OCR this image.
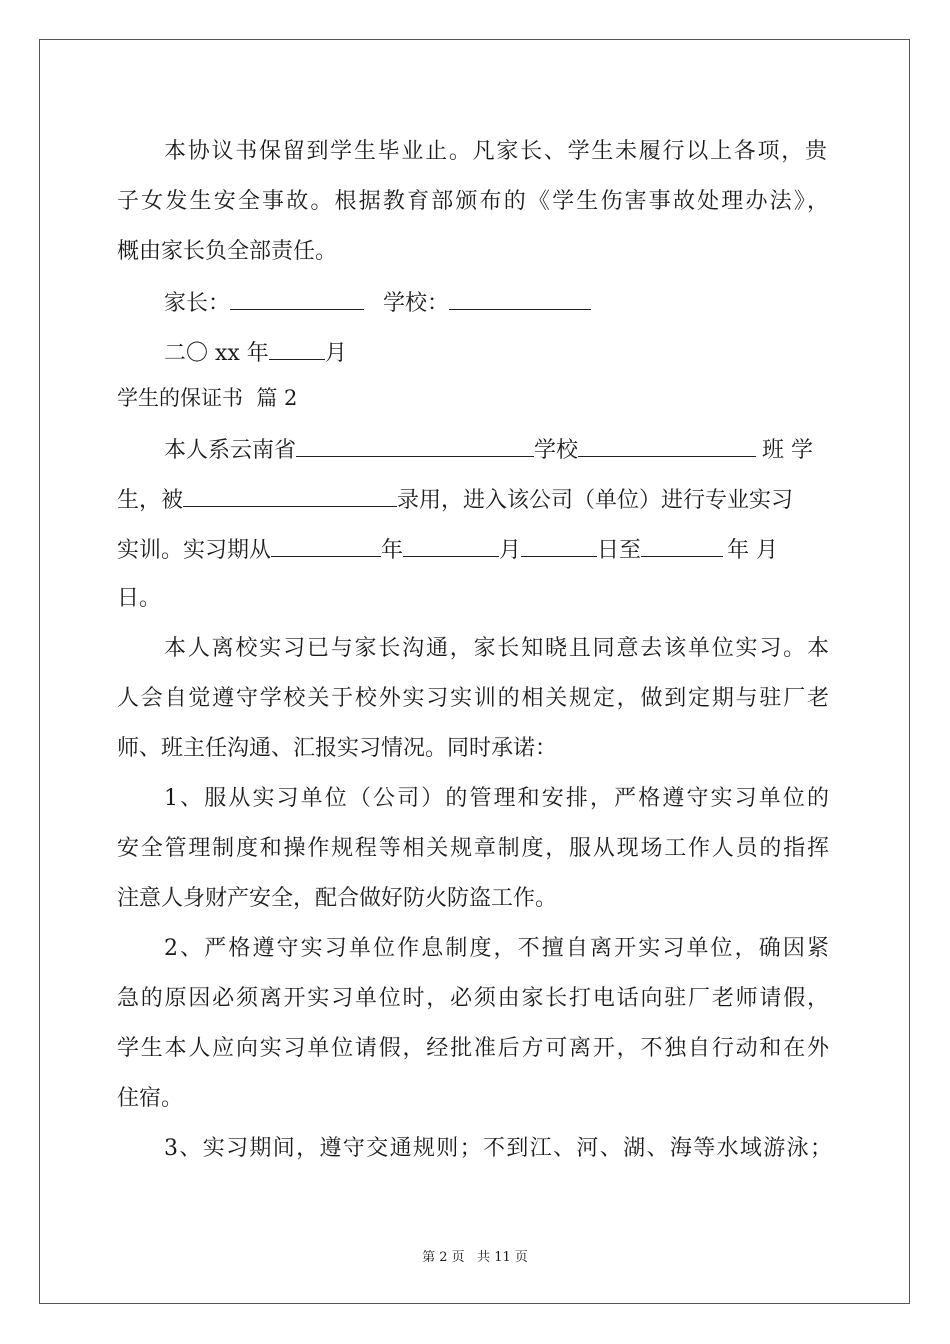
本协议书保留到学生毕业止。凡家长、学生未履行以上各项，贵
子女发生安全事故。根据教育部颁布的《学生伤害事故处理办法》，
概由家长负全部责任。
家长：	学校：
二〇 xx 年	月
学生的保证书  篇 2
本人系云南省	学校	班 学
生，被	录用，进入该公司（单位）进行专业实习
实训。实习期从	年	月	日至	年 月
日。
本人离校实习已与家长沟通，家长知晓且同意去该单位实习。本
人会自觉遵守学校关于校外实习实训的相关规定，做到定期与驻厂老
师、班主任沟通、汇报实习情况。同时承诺：
1、服从实习单位（公司）的管理和安排，严格遵守实习单位的
安全管理制度和操作规程等相关规章制度，服从现场工作人员的指挥
注意人身财产安全，配合做好防火防盗工作。
2、严格遵守实习单位作息制度，不擅自离开实习单位，确因紧
急的原因必须离开实习单位时，必须由家长打电话向驻厂老师请假，
学生本人应向实习单位请假，经批准后方可离开，不独自行动和在外
住宿。
3、实习期间，遵守交通规则；不到江、河、湖、海等水域游泳；
第 2 页   共 11 页
